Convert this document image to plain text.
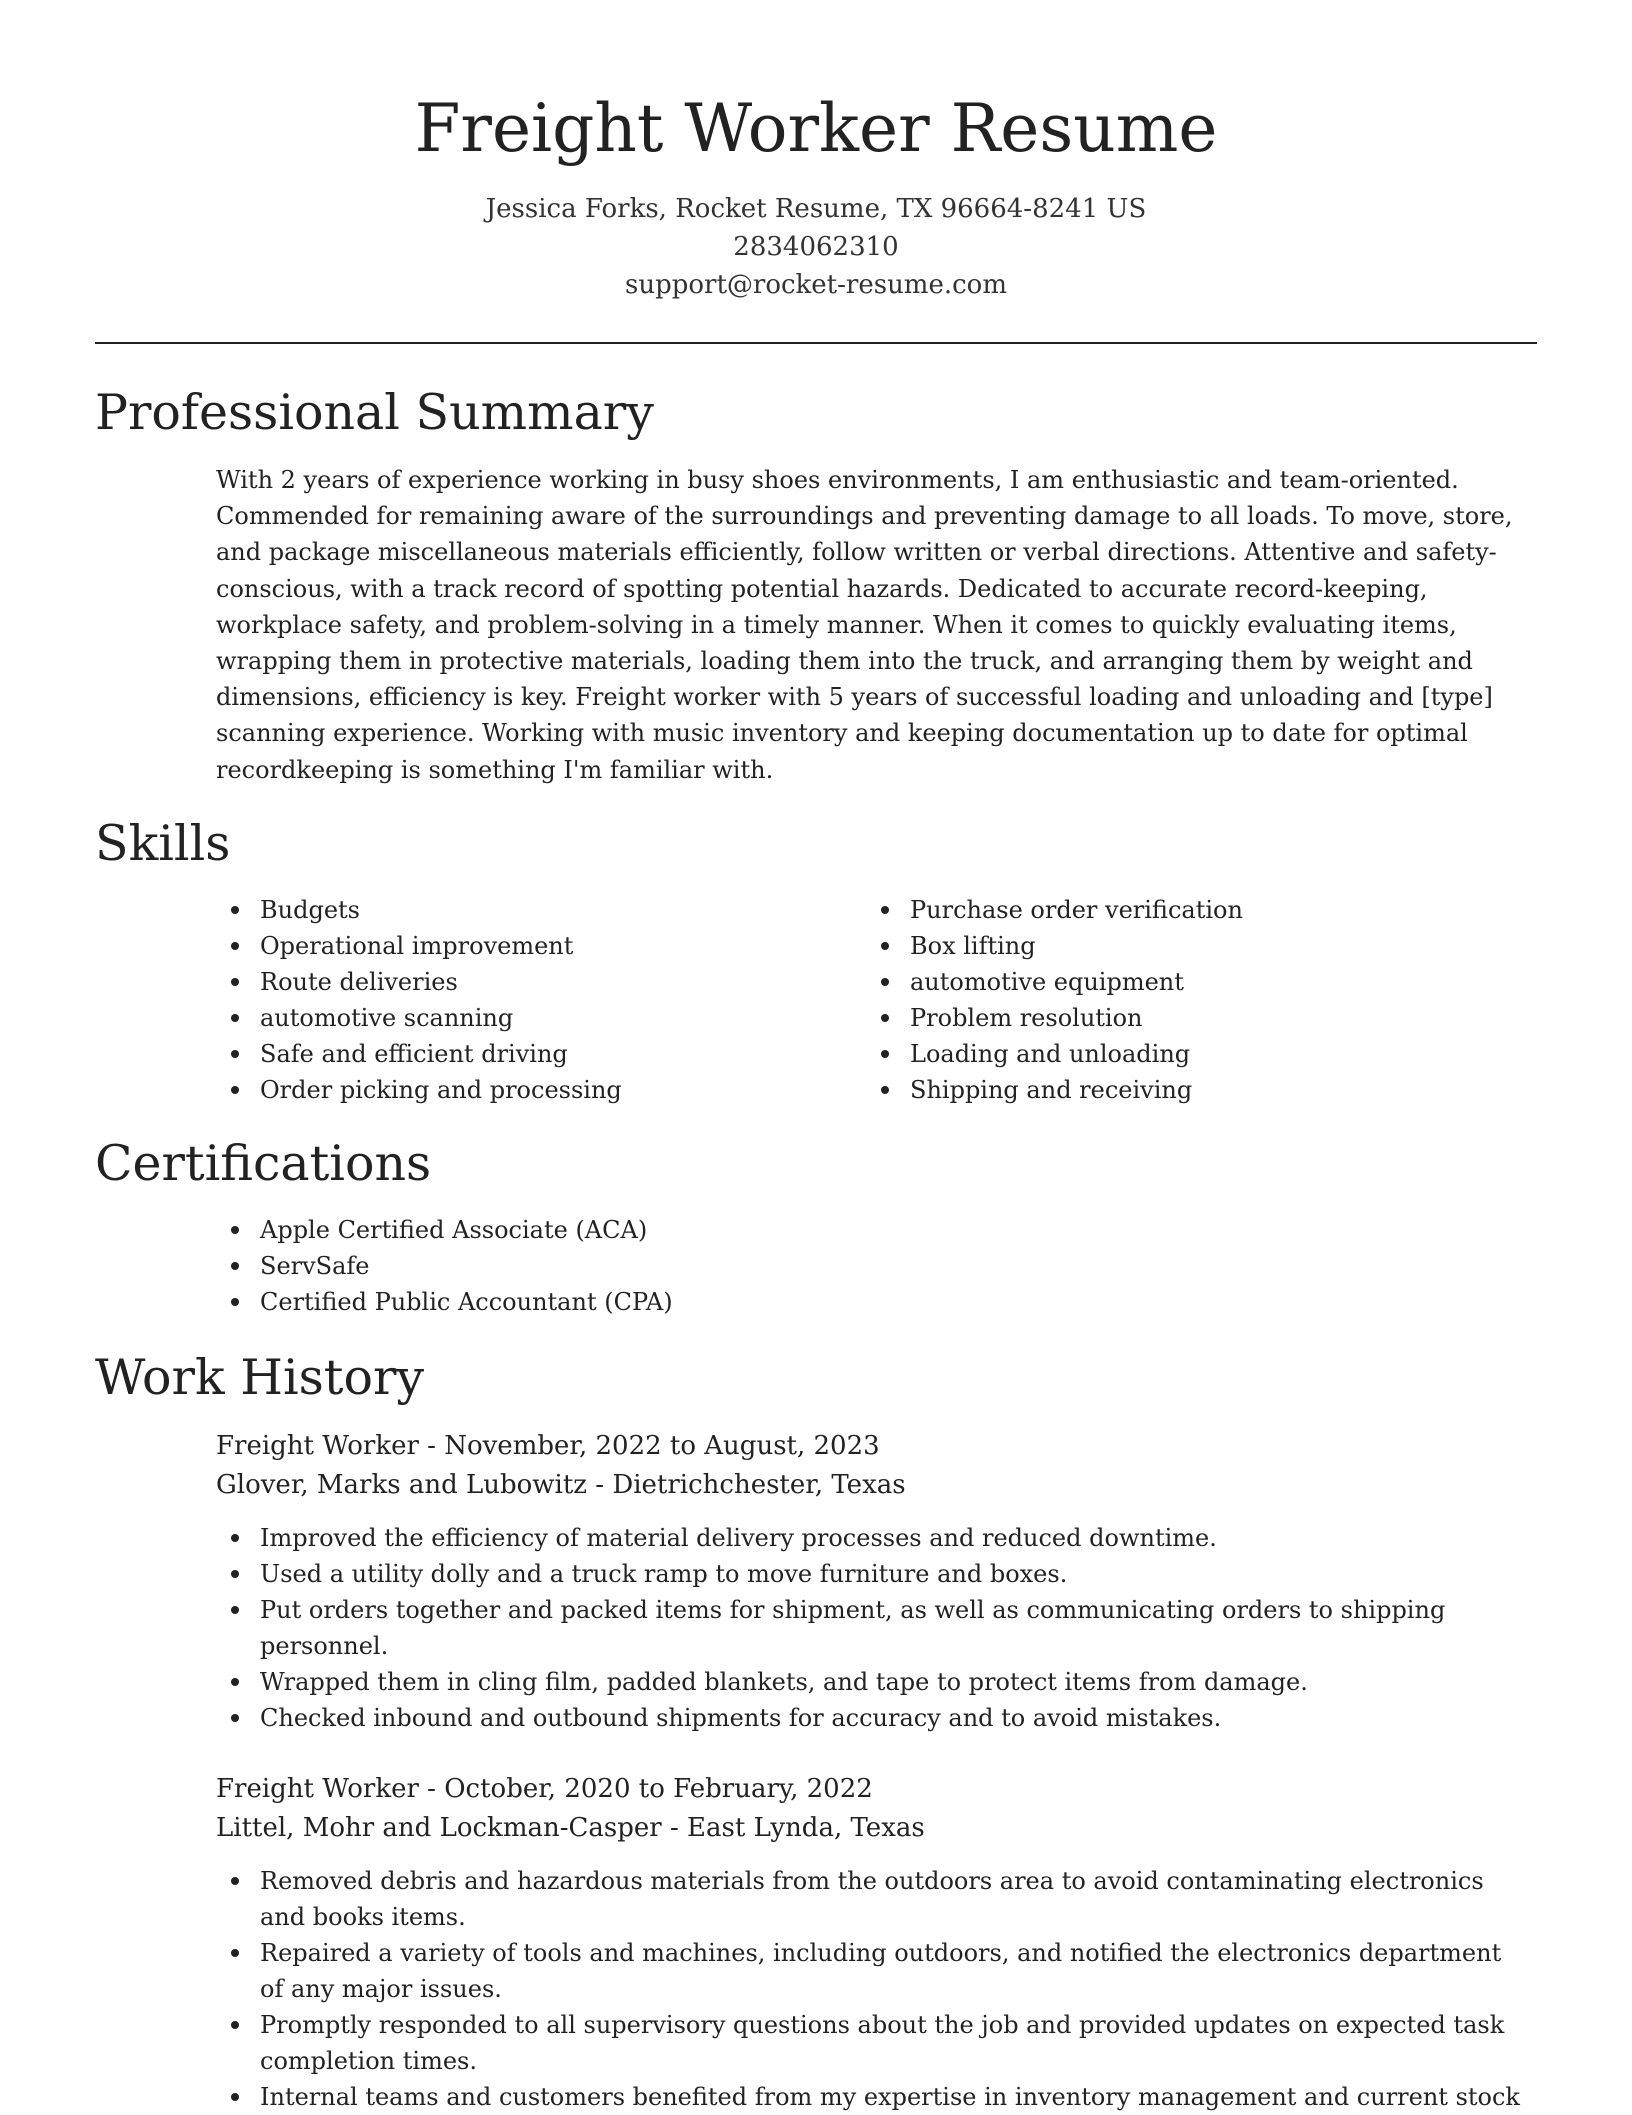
Freight Worker Resume
Jessica Forks, Rocket Resume, TX 96664-8241 US
2834062310
support@rocket-resume.com
Professional Summary

With 2 years of experience working in busy shoes environments, I am enthusiastic and team-oriented. Commended for remaining aware of the surroundings and preventing damage to all loads. To move, store, and package miscellaneous materials efficiently, follow written or verbal directions. Attentive and safety-conscious, with a track record of spotting potential hazards. Dedicated to accurate record-keeping, workplace safety, and problem-solving in a timely manner. When it comes to quickly evaluating items, wrapping them in protective materials, loading them into the truck, and arranging them by weight and dimensions, efficiency is key. Freight worker with 5 years of successful loading and unloading and [type] scanning experience. Working with music inventory and keeping documentation up to date for optimal recordkeeping is something I'm familiar with.

Skills
Budgets
Operational improvement
Route deliveries
automotive scanning
Safe and efficient driving
Order picking and processing
Purchase order verification
Box lifting
automotive equipment
Problem resolution
Loading and unloading
Shipping and receiving
Certifications
Apple Certified Associate (ACA)
ServSafe
Certified Public Accountant (CPA)
Work History
Freight Worker - November, 2022 to August, 2023
Glover, Marks and Lubowitz - Dietrichchester, Texas
Improved the efficiency of material delivery processes and reduced downtime.
Used a utility dolly and a truck ramp to move furniture and boxes.
Put orders together and packed items for shipment, as well as communicating orders to shipping personnel.
Wrapped them in cling film, padded blankets, and tape to protect items from damage.
Checked inbound and outbound shipments for accuracy and to avoid mistakes.
Freight Worker - October, 2020 to February, 2022
Littel, Mohr and Lockman-Casper - East Lynda, Texas
Removed debris and hazardous materials from the outdoors area to avoid contaminating electronics and books items.
Repaired a variety of tools and machines, including outdoors, and notified the electronics department of any major issues.
Promptly responded to all supervisory questions about the job and provided updates on expected task completion times.
Internal teams and customers benefited from my expertise in inventory management and current stock
